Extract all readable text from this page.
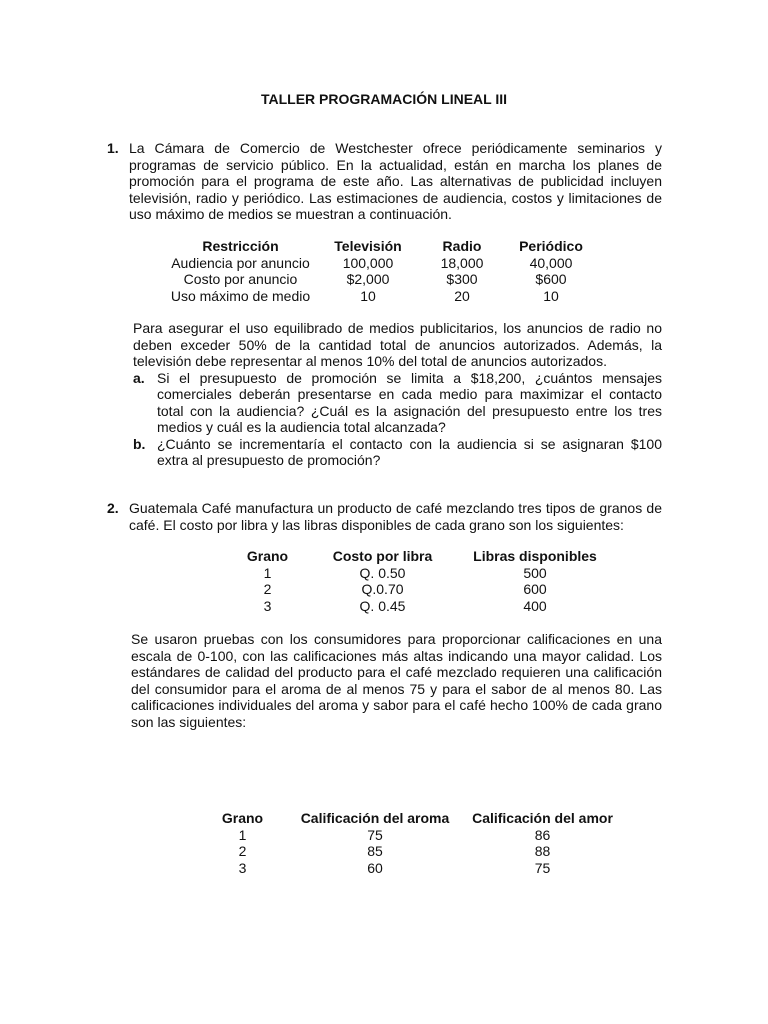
TALLER PROGRAMACIÓN LINEAL III
1. La Cámara de Comercio de Westchester ofrece periódicamente seminarios y programas de servicio público. En la actualidad, están en marcha los planes de promoción para el programa de este año. Las alternativas de publicidad incluyen televisión, radio y periódico. Las estimaciones de audiencia, costos y limitaciones de uso máximo de medios se muestran a continuación.
Restricción	Televisión	Radio	Periódico
Audiencia por anuncio	100,000	18,000	40,000
Costo por anuncio	$2,000	$300	$600
Uso máximo de medio	10	20	10
Para asegurar el uso equilibrado de medios publicitarios, los anuncios de radio no deben exceder 50% de la cantidad total de anuncios autorizados. Además, la televisión debe representar al menos 10% del total de anuncios autorizados.
a. Si el presupuesto de promoción se limita a $18,200, ¿cuántos mensajes comerciales deberán presentarse en cada medio para maximizar el contacto total con la audiencia? ¿Cuál es la asignación del presupuesto entre los tres medios y cuál es la audiencia total alcanzada?
b. ¿Cuánto se incrementaría el contacto con la audiencia si se asignaran $100 extra al presupuesto de promoción?
2. Guatemala Café manufactura un producto de café mezclando tres tipos de granos de café. El costo por libra y las libras disponibles de cada grano son los siguientes:
Grano	Costo por libra	Libras disponibles
1	Q. 0.50	500
2	Q.0.70	600
3	Q. 0.45	400
Se usaron pruebas con los consumidores para proporcionar calificaciones en una escala de 0-100, con las calificaciones más altas indicando una mayor calidad. Los estándares de calidad del producto para el café mezclado requieren una calificación del consumidor para el aroma de al menos 75 y para el sabor de al menos 80. Las calificaciones individuales del aroma y sabor para el café hecho 100% de cada grano son las siguientes:
Grano	Calificación del aroma	Calificación del amor
1	75	86
2	85	88
3	60	75
